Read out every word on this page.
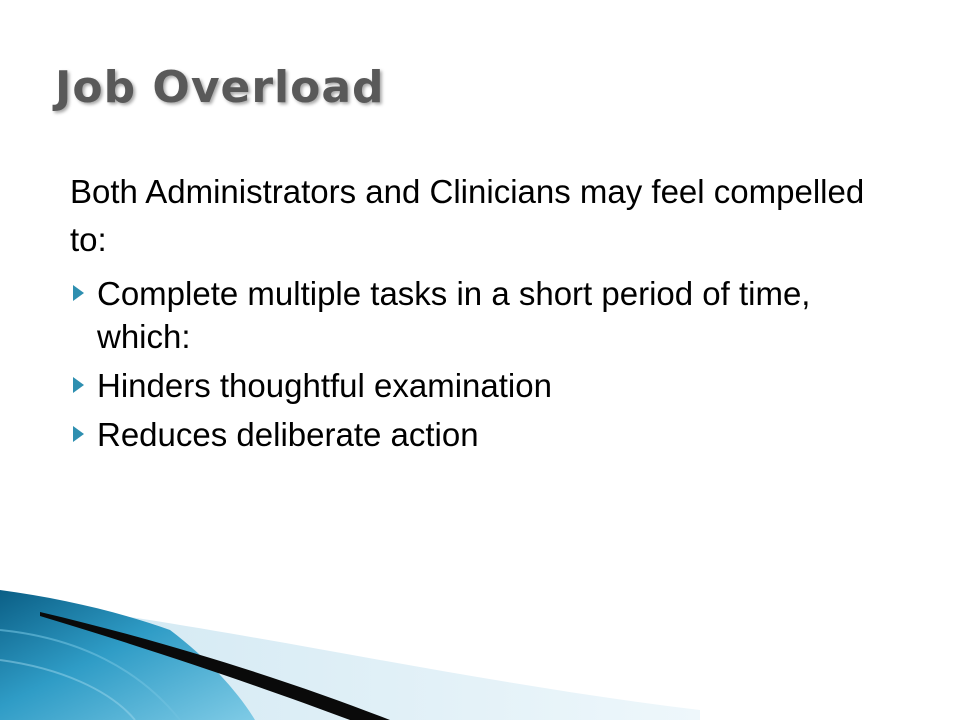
Job Overload

Both Administrators and Clinicians may feel compelled to:

Complete multiple tasks in a short period of time, which:
Hinders thoughtful examination
Reduces deliberate action
